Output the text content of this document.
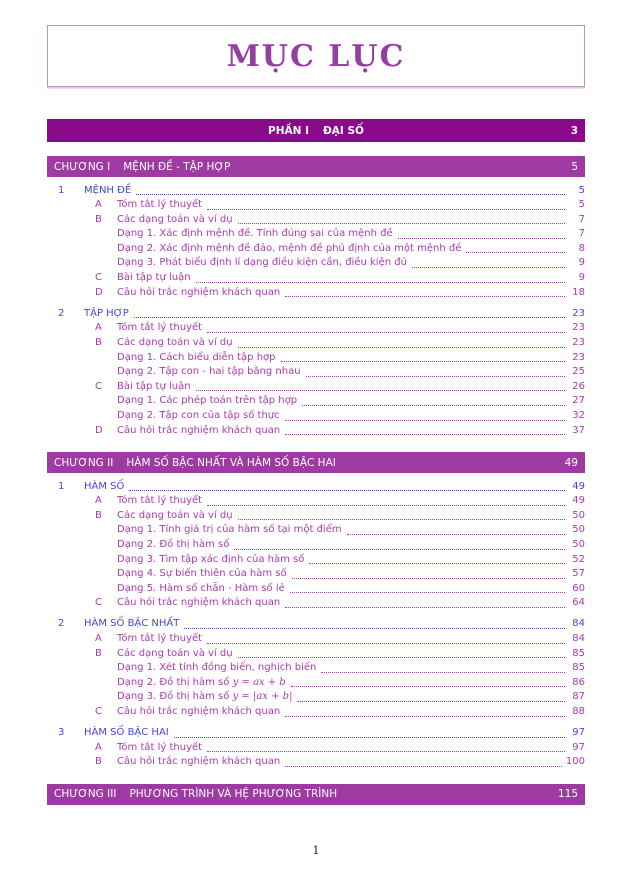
MỤC LỤC
PHẦN I ĐẠI SỐ	3
CHƯƠNG I MỆNH ĐỀ - TẬP HỢP	5
1	MỆNH ĐỀ	5
A	Tóm tắt lý thuyết	5
B	Các dạng toán và ví dụ	7
Dạng 1. Xác định mệnh đề. Tính đúng sai của mệnh đề	7
Dạng 2. Xác định mệnh đề đảo, mệnh đề phủ định của một mệnh đề	8
Dạng 3. Phát biểu định lí dạng điều kiện cần, điều kiện đủ	9
C	Bài tập tự luận	9
D	Câu hỏi trắc nghiệm khách quan	18
2	TẬP HỢP	23
A	Tóm tắt lý thuyết	23
B	Các dạng toán và ví dụ	23
Dạng 1. Cách biểu diễn tập hợp	23
Dạng 2. Tập con - hai tập bằng nhau	25
C	Bài tập tự luận	26
Dạng 1. Các phép toán trên tập hợp	27
Dạng 2. Tập con của tập số thực	32
D	Câu hỏi trắc nghiệm khách quan	37
CHƯƠNG II HÀM SỐ BẬC NHẤT VÀ HÀM SỐ BẬC HAI	49
1	HÀM SỐ	49
A	Tóm tắt lý thuyết	49
B	Các dạng toán và ví dụ	50
Dạng 1. Tính giá trị của hàm số tại một điểm	50
Dạng 2. Đồ thị hàm số	50
Dạng 3. Tìm tập xác định của hàm số	52
Dạng 4. Sự biến thiên của hàm số	57
Dạng 5. Hàm số chẵn - Hàm số lẻ	60
C	Câu hỏi trắc nghiệm khách quan	64
2	HÀM SỐ BẬC NHẤT	84
A	Tóm tắt lý thuyết	84
B	Các dạng toán và ví dụ	85
Dạng 1. Xét tính đồng biến, nghịch biến	85
Dạng 2. Đồ thị hàm số y = ax + b	86
Dạng 3. Đồ thị hàm số y = |ax + b|	87
C	Câu hỏi trắc nghiệm khách quan	88
3	HÀM SỐ BẬC HAI	97
A	Tóm tắt lý thuyết	97
B	Câu hỏi trắc nghiệm khách quan	100
CHƯƠNG III PHƯƠNG TRÌNH VÀ HỆ PHƯƠNG TRÌNH	115
1
